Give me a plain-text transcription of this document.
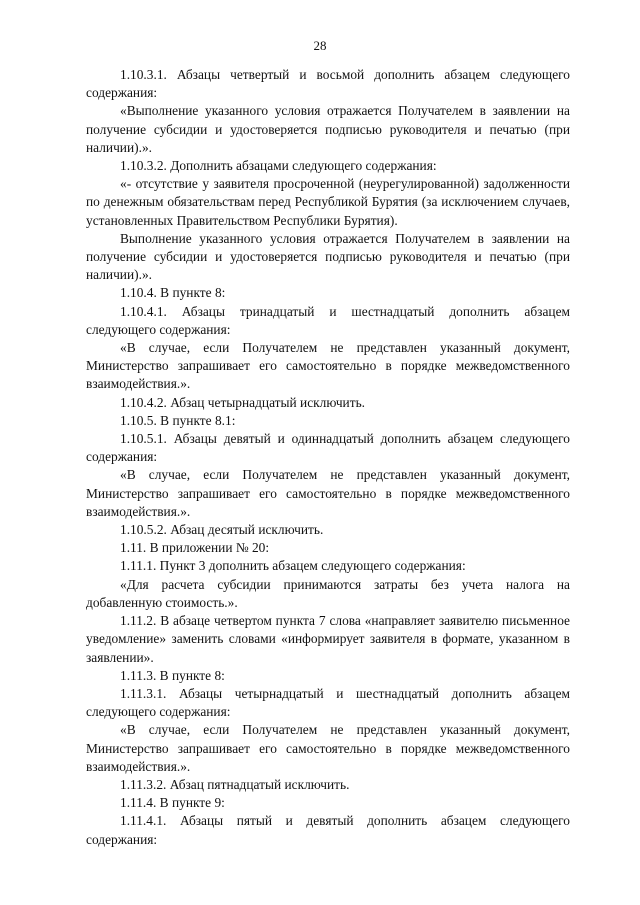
28

1.10.3.1. Абзацы четвертый и восьмой дополнить абзацем следующего содержания:

«Выполнение указанного условия отражается Получателем в заявлении на получение субсидии и удостоверяется подписью руководителя и печатью (при наличии).».

1.10.3.2. Дополнить абзацами следующего содержания:

«- отсутствие у заявителя просроченной (неурегулированной) задолженности по денежным обязательствам перед Республикой Бурятия (за исключением случаев, установленных Правительством Республики Бурятия).

Выполнение указанного условия отражается Получателем в заявлении на получение субсидии и удостоверяется подписью руководителя и печатью (при наличии).».

1.10.4. В пункте 8:

1.10.4.1. Абзацы тринадцатый и шестнадцатый дополнить абзацем следующего содержания:

«В случае, если Получателем не представлен указанный документ, Министерство запрашивает его самостоятельно в порядке межведомственного взаимодействия.».

1.10.4.2. Абзац четырнадцатый исключить.

1.10.5. В пункте 8.1:

1.10.5.1. Абзацы девятый и одиннадцатый дополнить абзацем следующего содержания:

«В случае, если Получателем не представлен указанный документ, Министерство запрашивает его самостоятельно в порядке межведомственного взаимодействия.».

1.10.5.2. Абзац десятый исключить.

1.11. В приложении № 20:

1.11.1. Пункт 3 дополнить абзацем следующего содержания:

«Для расчета субсидии принимаются затраты без учета налога на добавленную стоимость.».

1.11.2. В абзаце четвертом пункта 7 слова «направляет заявителю письменное уведомление» заменить словами «информирует заявителя в формате, указанном в заявлении».

1.11.3. В пункте 8:

1.11.3.1. Абзацы четырнадцатый и шестнадцатый дополнить абзацем следующего содержания:

«В случае, если Получателем не представлен указанный документ, Министерство запрашивает его самостоятельно в порядке межведомственного взаимодействия.».

1.11.3.2. Абзац пятнадцатый исключить.

1.11.4. В пункте 9:

1.11.4.1. Абзацы пятый и девятый дополнить абзацем следующего содержания:
